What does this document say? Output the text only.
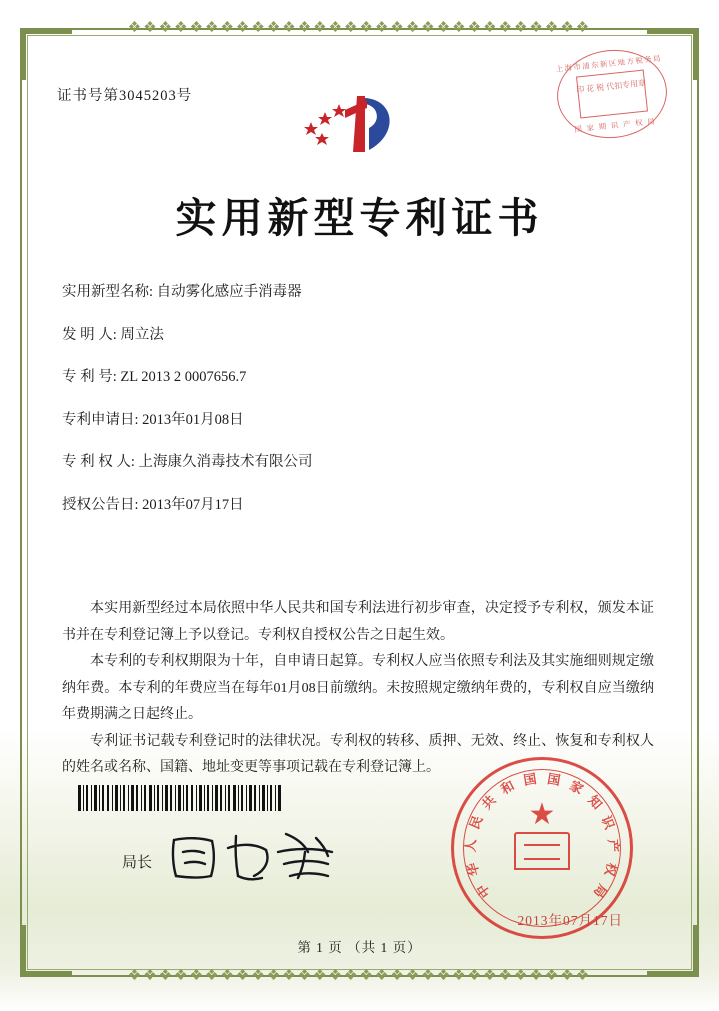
❖❖❖❖❖❖❖❖❖❖❖❖❖❖❖❖❖❖❖❖❖❖❖❖❖❖❖❖❖❖
❖❖❖❖❖❖❖❖❖❖❖❖❖❖❖❖❖❖❖❖❖❖❖❖❖❖❖❖❖❖
证书号第3045203号
上海市浦东新区地方税务局
印 花 税 代扣专用章
国 家 期 识 产 权 局
实用新型专利证书
实用新型名称: 自动雾化感应手消毒器
发 明 人: 周立法
专 利 号: ZL 2013 2 0007656.7
专利申请日: 2013年01月08日
专 利 权 人: 上海康久消毒技术有限公司
授权公告日: 2013年07月17日

本实用新型经过本局依照中华人民共和国专利法进行初步审查，决定授予专利权，颁发本证书并在专利登记簿上予以登记。专利权自授权公告之日起生效。

本专利的专利权期限为十年，自申请日起算。专利权人应当依照专利法及其实施细则规定缴纳年费。本专利的年费应当在每年01月08日前缴纳。未按照规定缴纳年费的，专利权自应当缴纳年费期满之日起终止。

专利证书记载专利登记时的法律状况。专利权的转移、质押、无效、终止、恢复和专利权人的姓名或名称、国籍、地址变更等事项记载在专利登记簿上。

局长
★
中
华
人
民
共
和 国 国 家
知
识
产
权
局
2013年07月17日
第 1 页 （共 1 页）
